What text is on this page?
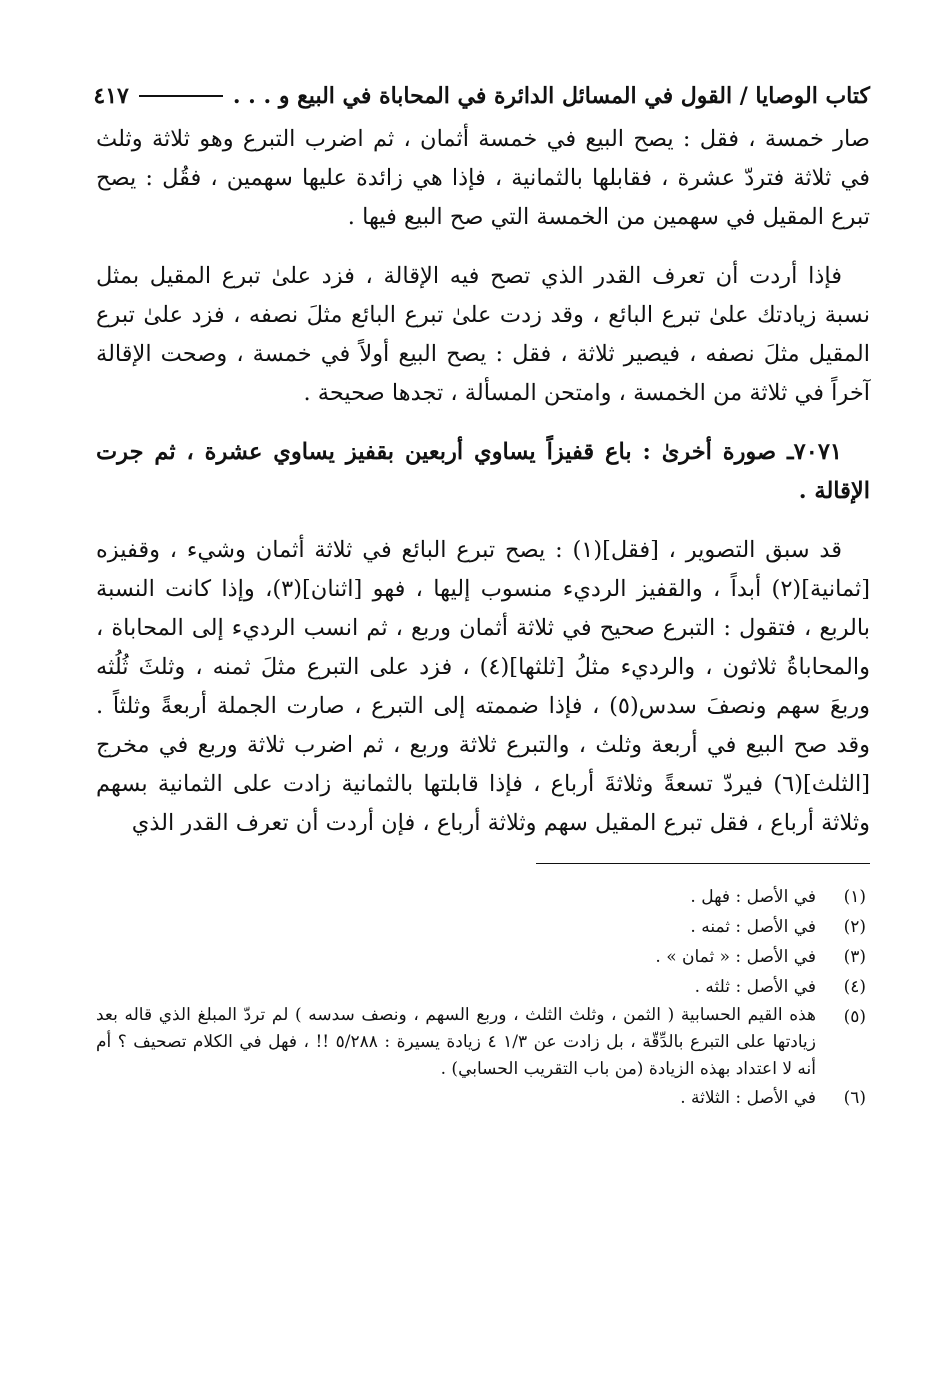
كتاب الوصايا / القول في المسائل الدائرة في المحاباة في البيع و . . .
٤١٧

صار خمسة ، فقل : يصح البيع في خمسة أثمان ، ثم اضرب التبرع وهو ثلاثة وثلث في ثلاثة فتردّ عشرة ، فقابلها بالثمانية ، فإذا هي زائدة عليها سهمين ، فقُل : يصح تبرع المقيل في سهمين من الخمسة التي صح البيع فيها .

فإذا أردت أن تعرف القدر الذي تصح فيه الإقالة ، فزد علىٰ تبرع المقيل بمثل نسبة زيادتك علىٰ تبرع البائع ، وقد زدت علىٰ تبرع البائع مثلَ نصفه ، فزد علىٰ تبرع المقيل مثلَ نصفه ، فيصير ثلاثة ، فقل : يصح البيع أولاً في خمسة ، وصحت الإقالة آخراً في ثلاثة من الخمسة ، وامتحن المسألة ، تجدها صحيحة .

٧٠٧١ـ صورة أخرىٰ : باع قفيزاً يساوي أربعين بقفيز يساوي عشرة ، ثم جرت الإقالة .

قد سبق التصوير ، [فقل](١) : يصح تبرع البائع في ثلاثة أثمان وشيء ، وقفيزه [ثمانية](٢) أبداً ، والقفيز الرديء منسوب إليها ، فهو [اثنان](٣)، وإذا كانت النسبة بالربع ، فتقول : التبرع صحيح في ثلاثة أثمان وربع ، ثم انسب الرديء إلى المحاباة ، والمحاباةُ ثلاثون ، والرديء مثلُ [ثلثها](٤) ، فزد على التبرع مثلَ ثمنه ، وثلثَ ثُلُثه وربعَ سهم ونصفَ سدس(٥) ، فإذا ضممته إلى التبرع ، صارت الجملة أربعةً وثلثاً . وقد صح البيع في أربعة وثلث ، والتبرع ثلاثة وربع ، ثم اضرب ثلاثة وربع في مخرج [الثلث](٦) فيردّ تسعةً وثلاثةَ أرباع ، فإذا قابلتها بالثمانية زادت على الثمانية بسهم وثلاثة أرباع ، فقل تبرع المقيل سهم وثلاثة أرباع ، فإن أردت أن تعرف القدر الذي

(١)
في الأصل : فهل .
(٢)
في الأصل : ثمنه .
(٣)
في الأصل : « ثمان » .
(٤)
في الأصل : ثلثه .
(٥)
هذه القيم الحسابية ( الثمن ، وثلث الثلث ، وربع السهم ، ونصف سدسه ) لم تردّ المبلغ الذي قاله بعد زيادتها على التبرع بالدِّقّة ، بل زادت عن ١/٣ ٤ زيادة يسيرة : ٥/٢٨٨ !! ، فهل في الكلام تصحيف ؟ أم أنه لا اعتداد بهذه الزيادة (من باب التقريب الحسابي) .
(٦)
في الأصل : الثلاثة .
